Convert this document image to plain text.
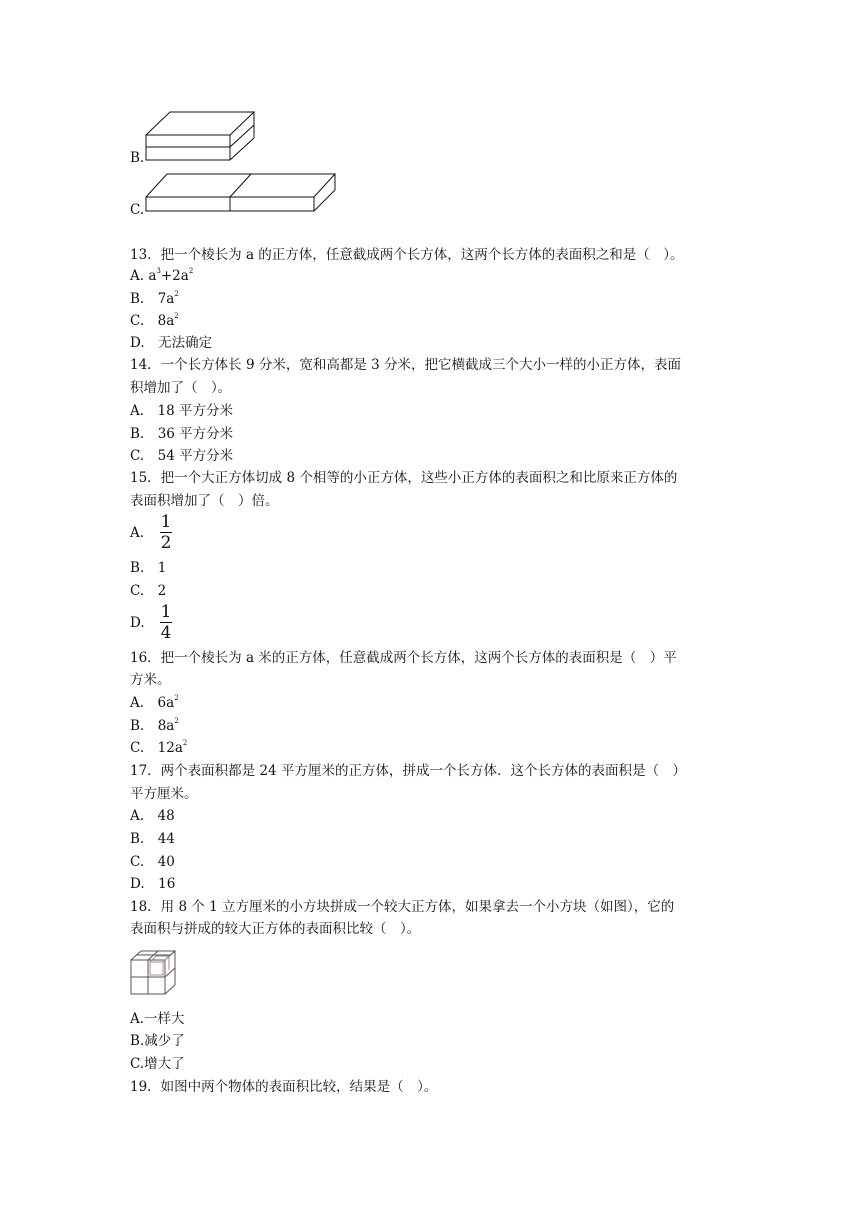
B.
C.
13．把一个棱长为 a 的正方体，任意截成两个长方体，这两个长方体的表面积之和是（　）。
A. $a^3+2a^2$
B.　$7a^2$
C.　$8a^2$
D.　无法确定
14．一个长方体长 9 分米，宽和高都是 3 分米，把它横截成三个大小一样的小正方体，表面
积增加了（　）。
A.　18 平方分米
B.　36 平方分米
C.　54 平方分米
15．把一个大正方体切成 8 个相等的小正方体，这些小正方体的表面积之和比原来正方体的
表面积增加了（　）倍。
A.
1
2
B.　1
C.　2
D.
1
4
16．把一个棱长为 a 米的正方体，任意截成两个长方体，这两个长方体的表面积是（　）平
方米。
A.　$6a^2$
B.　$8a^2$
C.　$12a^2$
17．两个表面积都是 24 平方厘米的正方体，拼成一个长方体．这个长方体的表面积是（　）
平方厘米。
A.　48
B.　44
C.　40
D.　16
18．用 8 个 1 立方厘米的小方块拼成一个较大正方体，如果拿去一个小方块（如图），它的
表面积与拼成的较大正方体的表面积比较（　）。
A.一样大
B.减少了
C.增大了
19．如图中两个物体的表面积比较，结果是（　）。
